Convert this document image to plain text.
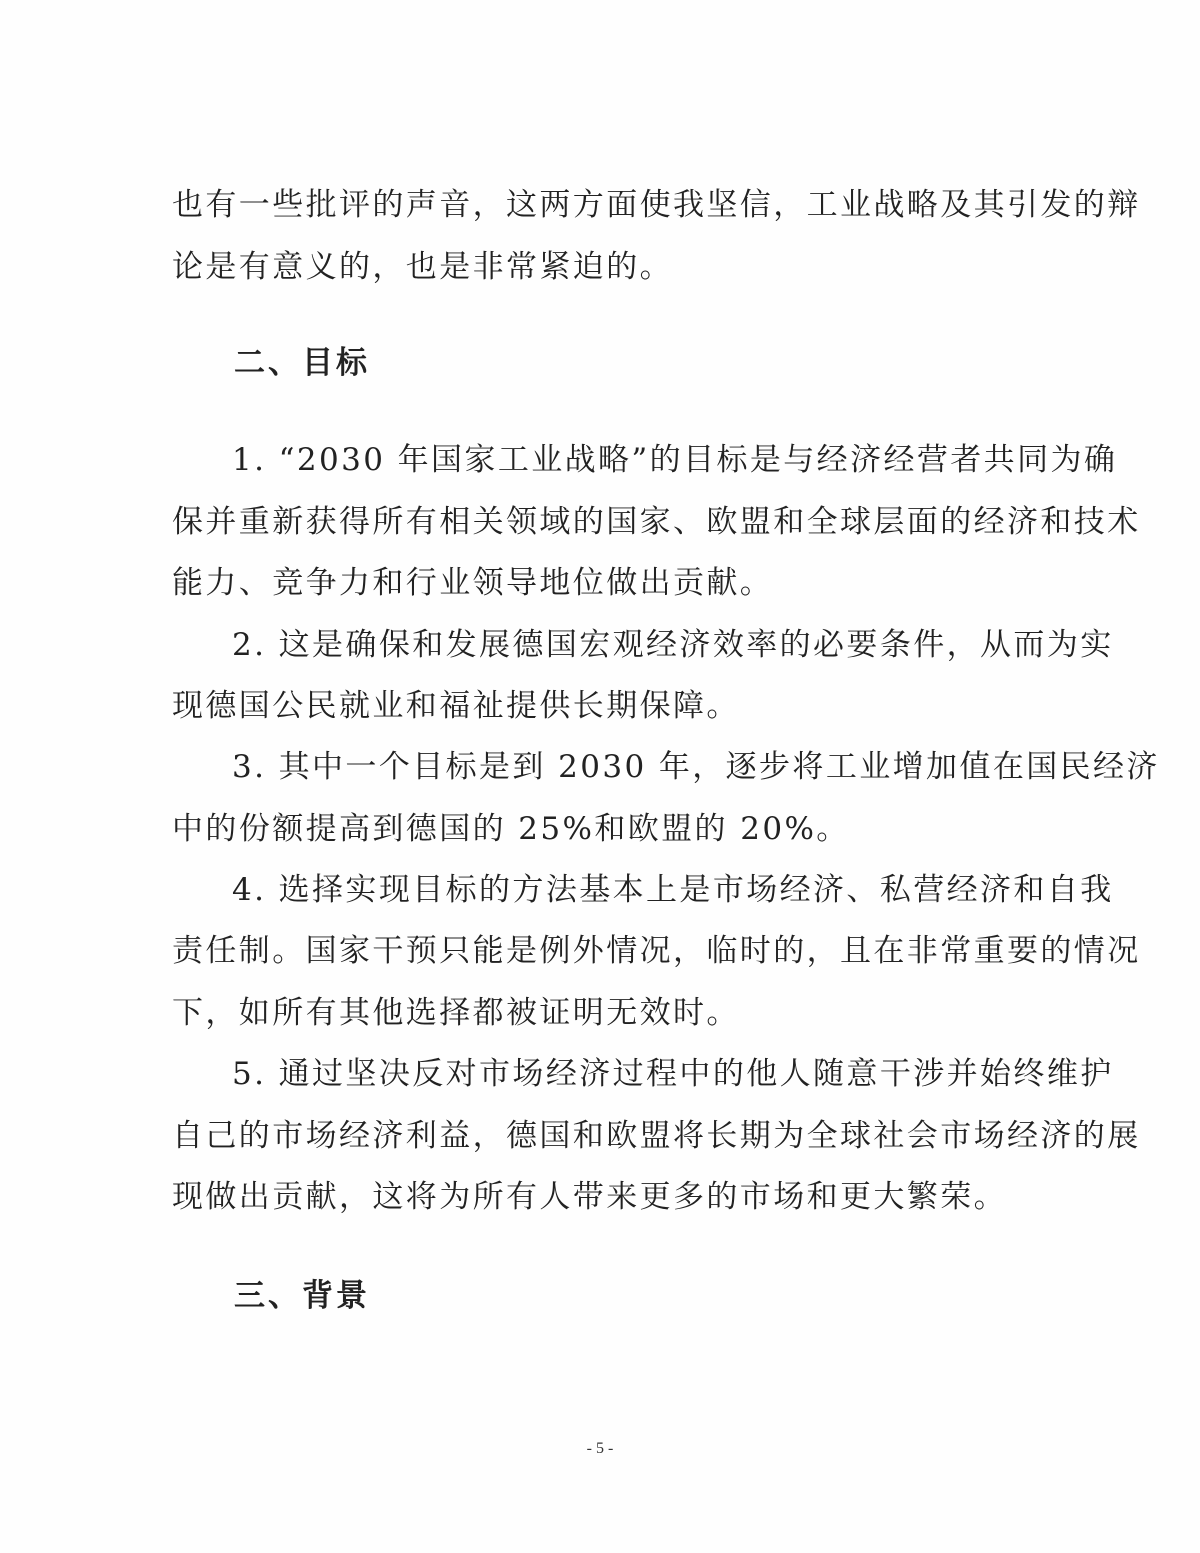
也有一些批评的声音，这两方面使我坚信，工业战略及其引发的辩
论是有意义的，也是非常紧迫的。
二、目标
1. “2030 年国家工业战略”的目标是与经济经营者共同为确
保并重新获得所有相关领域的国家、欧盟和全球层面的经济和技术
能力、竞争力和行业领导地位做出贡献。
2. 这是确保和发展德国宏观经济效率的必要条件，从而为实
现德国公民就业和福祉提供长期保障。
3. 其中一个目标是到 2030 年，逐步将工业增加值在国民经济
中的份额提高到德国的 25%和欧盟的 20%。
4. 选择实现目标的方法基本上是市场经济、私营经济和自我
责任制。国家干预只能是例外情况，临时的，且在非常重要的情况
下，如所有其他选择都被证明无效时。
5. 通过坚决反对市场经济过程中的他人随意干涉并始终维护
自己的市场经济利益，德国和欧盟将长期为全球社会市场经济的展
现做出贡献，这将为所有人带来更多的市场和更大繁荣。
三、背景
- 5 -
